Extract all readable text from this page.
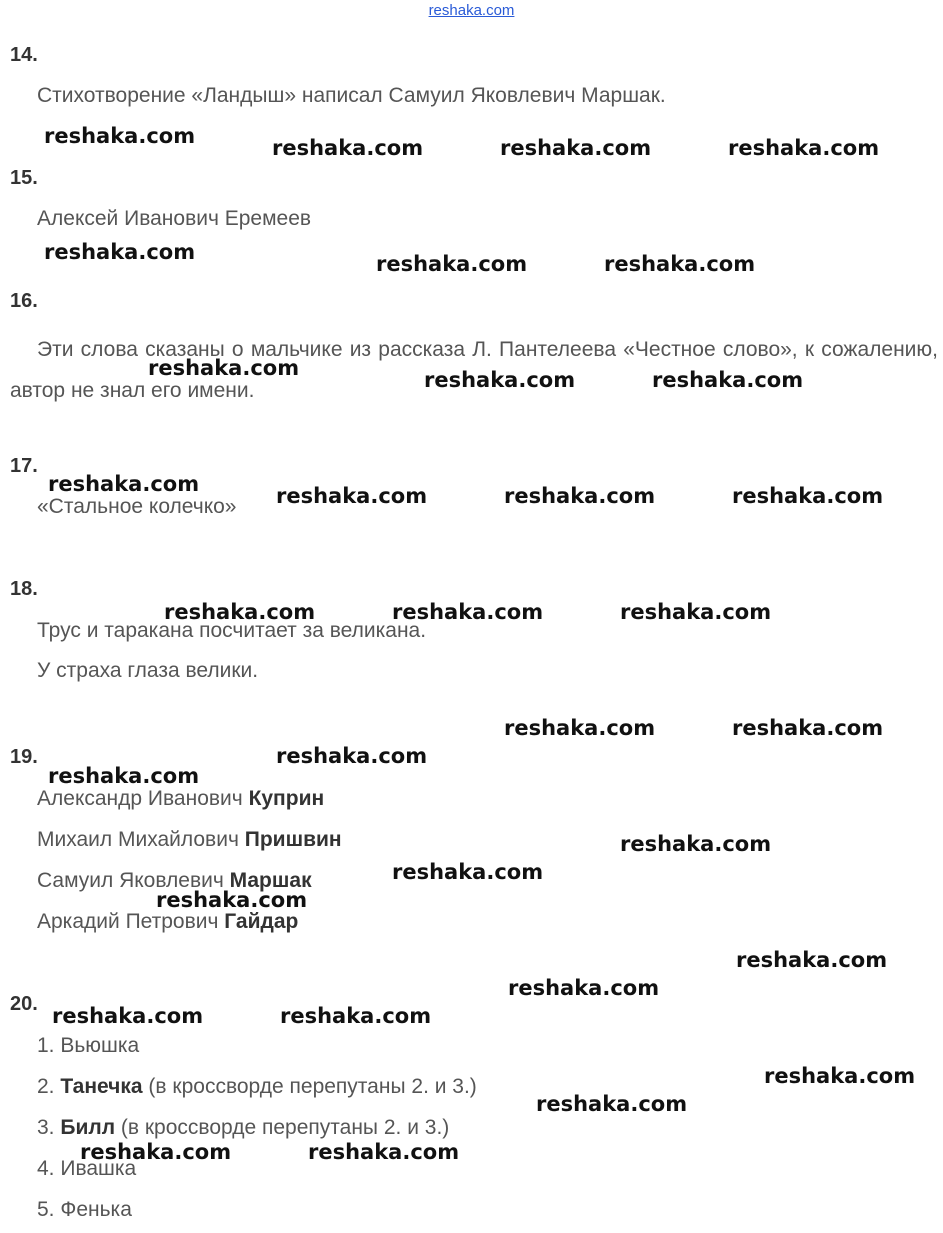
reshaka.com
14.
Стихотворение «Ландыш» написал Самуил Яковлевич Маршак.
15.
Алексей Иванович Еремеев
16.
Эти слова сказаны о мальчике из рассказа Л. Пантелеева «Честное слово», к сожалению, автор не знал его имени.
17.
«Стальное колечко»
18.
Трус и таракана посчитает за великана.
У страха глаза велики.
19.
Александр Иванович Куприн
Михаил Михайлович Пришвин
Самуил Яковлевич Маршак
Аркадий Петрович Гайдар
20.
1. Вьюшка
2. Танечка (в кроссворде перепутаны 2. и 3.)
3. Билл (в кроссворде перепутаны 2. и 3.)
4. Ивашка
5. Фенька
reshaka.com	reshaka.com	reshaka.com	reshaka.com
reshaka.com	reshaka.com	reshaka.com
reshaka.com	reshaka.com	reshaka.com
reshaka.com	reshaka.com	reshaka.com	reshaka.com
reshaka.com	reshaka.com	reshaka.com
reshaka.com	reshaka.com
reshaka.com
reshaka.com
reshaka.com
reshaka.com
reshaka.com
reshaka.com
reshaka.com
reshaka.com	reshaka.com
reshaka.com
reshaka.com
reshaka.com	reshaka.com
